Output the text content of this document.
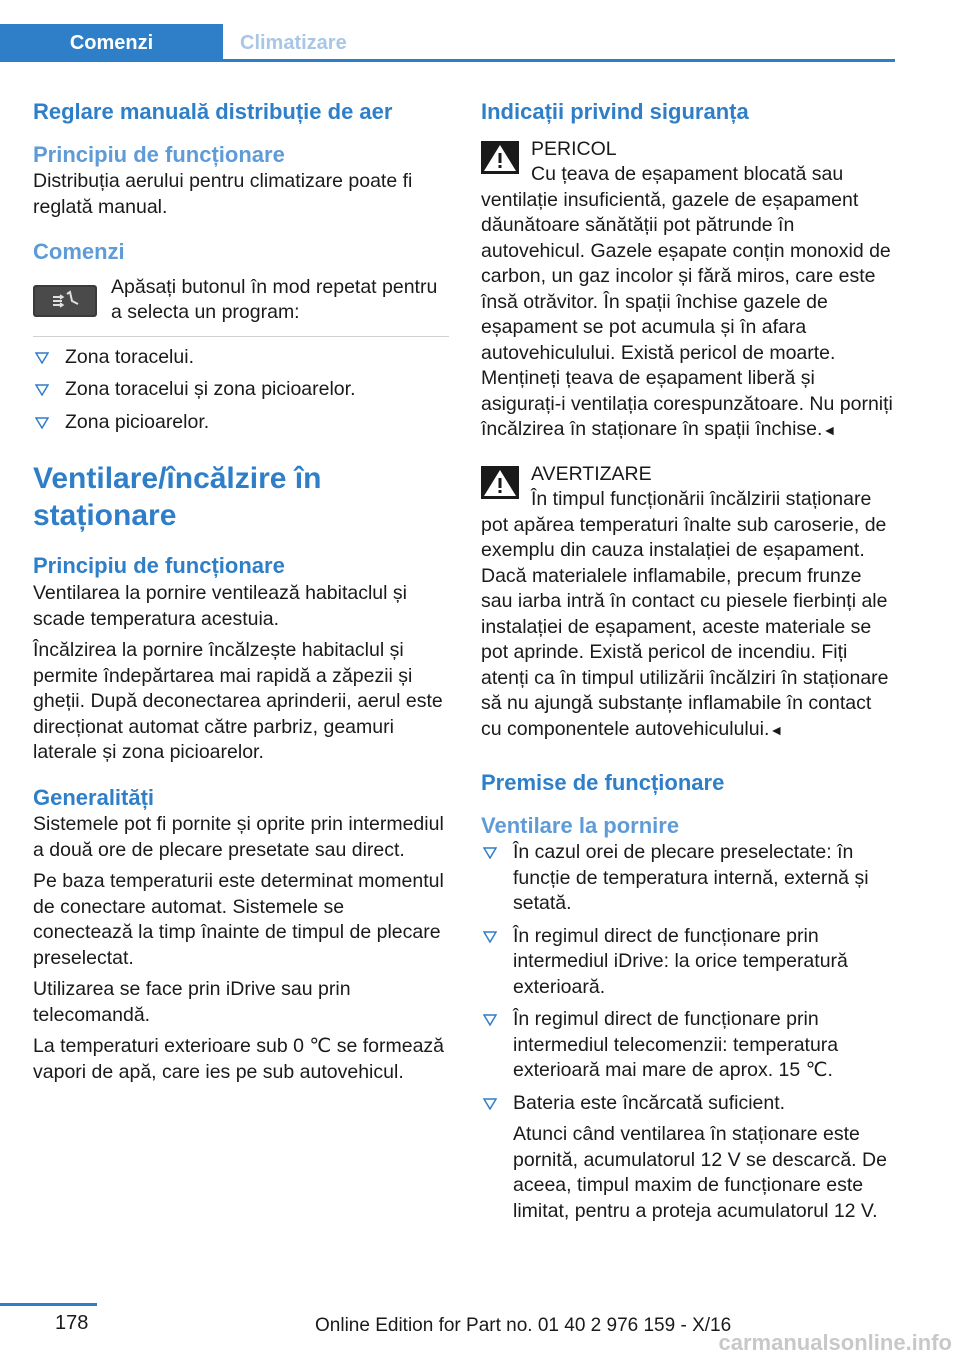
Comenzi	Climatizare
Reglare manuală distribuție de aer
Principiu de funcționare

Distribuția aerului pentru climatizare poate fi reglată manual.

Comenzi

Apăsați butonul în mod repetat pentru a selecta un program:

Zona toracelui.
Zona toracelui și zona picioarelor.
Zona picioarelor.
Ventilare/încălzire în staționare
Principiu de funcționare

Ventilarea la pornire ventilează habitaclul și scade temperatura acestuia.

Încălzirea la pornire încălzește habitaclul și permite îndepărtarea mai rapidă a zăpezii și gheții. După deconectarea aprinderii, aerul este direcționat automat către parbriz, geamuri laterale și zona picioarelor.

Generalități

Sistemele pot fi pornite și oprite prin intermediul a două ore de plecare presetate sau direct.

Pe baza temperaturii este determinat momentul de conectare automat. Sistemele se conectează la timp înainte de timpul de plecare preselectat.

Utilizarea se face prin iDrive sau prin telecomandă.

La temperaturi exterioare sub 0 ℃ se formează vapori de apă, care ies pe sub autovehicul.

Indicații privind siguranța
PERICOL

Cu țeava de eșapament blocată sau ventilație insuficientă, gazele de eșapament dăunătoare sănătății pot pătrunde în autovehicul. Gazele eșapate conțin monoxid de carbon, un gaz incolor și fără miros, care este însă otrăvitor. În spații închise gazele de eșapament se pot acumula și în afara autovehiculului. Există pericol de moarte. Mențineți țeava de eșapament liberă și asigurați-i ventilația corespunzătoare. Nu porniți încălzirea în staționare în spații închise.◄

AVERTIZARE

În timpul funcționării încălzirii staționare pot apărea temperaturi înalte sub caroserie, de exemplu din cauza instalației de eșapament. Dacă materialele inflamabile, precum frunze sau iarba intră în contact cu piesele fierbinți ale instalației de eșapament, aceste materiale se pot aprinde. Există pericol de incendiu. Fiți atenți ca în timpul utilizării încălziri în staționare să nu ajungă substanțe inflamabile în contact cu componentele autovehiculului.◄

Premise de funcționare
Ventilare la pornire
În cazul orei de plecare preselectate: în funcție de temperatura internă, externă și setată.
În regimul direct de funcționare prin intermediul iDrive: la orice temperatură exterioară.
În regimul direct de funcționare prin intermediul telecomenzii: temperatura exterioară mai mare de aprox. 15 ℃.
Bateria este încărcată suficient.

Atunci când ventilarea în staționare este pornită, acumulatorul 12 V se descarcă. De aceea, timpul maxim de funcționare este limitat, pentru a proteja acumulatorul 12 V.

178	Online Edition for Part no. 01 40 2 976 159 - X/16
carmanualsonline.info
